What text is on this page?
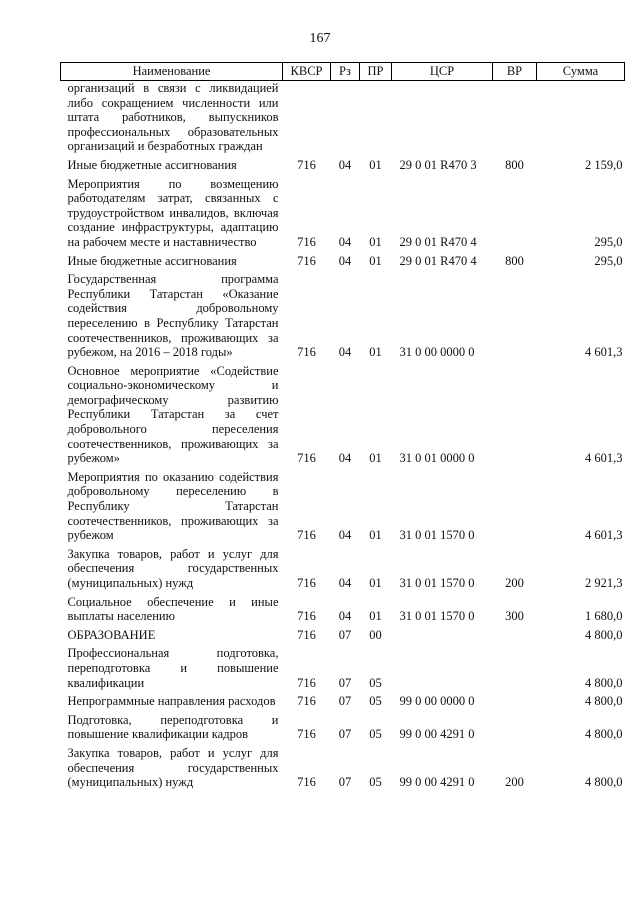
167
Наименование	КВСР	Рз	ПР	ЦСР	ВР	Сумма
организаций в связи с ликвидацией либо сокращением численности или штата работников, выпускников профессиональных образовательных организаций и безработных граждан						
Иные бюджетные ассигнования	716	04	01	29 0 01 R470 3	800	2 159,0
Мероприятия по возмещению работодателям затрат, связанных с трудоустройством инвалидов, включая создание инфраструктуры, адаптацию на рабочем месте и наставничество	716	04	01	29 0 01 R470 4		295,0
Иные бюджетные ассигнования	716	04	01	29 0 01 R470 4	800	295,0
Государственная программа Республики Татарстан «Оказание содействия добровольному переселению в Республику Татарстан соотечественников, проживающих за рубежом, на 2016 – 2018 годы»	716	04	01	31 0 00 0000 0		4 601,3
Основное мероприятие «Содействие социально-экономическому и демографическому развитию Республики Татарстан за счет добровольного переселения соотечественников, проживающих за рубежом»	716	04	01	31 0 01 0000 0		4 601,3
Мероприятия по оказанию содействия добровольному переселению в Республику Татарстан соотечественников, проживающих за рубежом	716	04	01	31 0 01 1570 0		4 601,3
Закупка товаров, работ и услуг для обеспечения государственных (муниципальных) нужд	716	04	01	31 0 01 1570 0	200	2 921,3
Социальное обеспечение и иные выплаты населению	716	04	01	31 0 01 1570 0	300	1 680,0
ОБРАЗОВАНИЕ	716	07	00			4 800,0
Профессиональная подготовка, переподготовка и повышение квалификации	716	07	05			4 800,0
Непрограммные направления расходов	716	07	05	99 0 00 0000 0		4 800,0
Подготовка, переподготовка и повышение квалификации кадров	716	07	05	99 0 00 4291 0		4 800,0
Закупка товаров, работ и услуг для обеспечения государственных (муниципальных) нужд	716	07	05	99 0 00 4291 0	200	4 800,0
